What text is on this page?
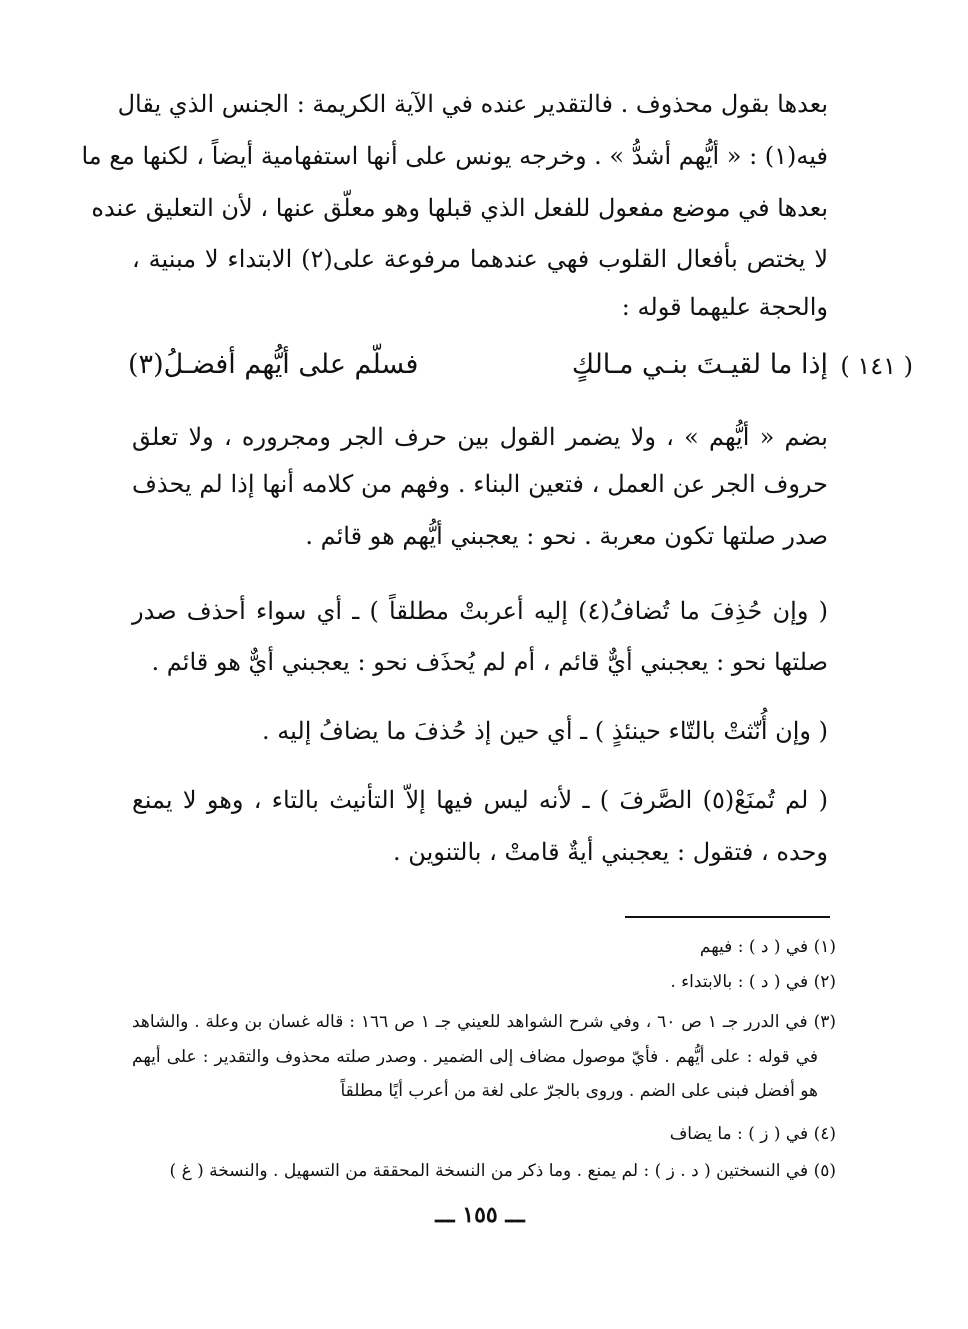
بعدها بقول محذوف . فالتقدير عنده في الآية الكريمة : الجنس الذي يقال
فيه(١) : « أيُّهم أشدُّ » . وخرجه يونس على أنها استفهامية أيضاً ، لكنها مع ما
بعدها في موضع مفعول للفعل الذي قبلها وهو معلّق عنها ، لأن التعليق عنده
لا يختص بأفعال القلوب فهي عندهما مرفوعة على(٢) الابتداء لا مبنية ،
والحجة عليهما قوله :
( ١٤١ )
إذا ما لقيـتَ بنـي مـالكٍ
فسلّم على أيُّهم أفضـلُ(٣)
بضم « أيُّهم » ، ولا يضمر القول بين حرف الجر ومجروره ، ولا تعلق
حروف الجر عن العمل ، فتعين البناء . وفهم من كلامه أنها إذا لم يحذف
صدر صلتها تكون معربة . نحو : يعجبني أيُّهم هو قائم .
( وإن حُذِفَ ما تُضافُ(٤) إليه أعربتْ مطلقاً ) ـ أي سواء أحذف صدر
صلتها نحو : يعجبني أيٌّ قائم ، أم لم يُحذَف نحو : يعجبني أيٌّ هو قائم .
( وإن أُنّثتْ بالتّاء حينئذٍ ) ـ أي حين إذ حُذفَ ما يضافُ إليه .
( لم تُمنَعْ(٥) الصَّرفَ ) ـ لأنه ليس فيها إلاّ التأنيث بالتاء ، وهو لا يمنع
وحده ، فتقول : يعجبني أيةٌ قامتْ ، بالتنوين .
(١) في ( د ) : فيهم
(٢) في ( د ) : بالابتداء .
(٣) في الدرر جـ ١ ص ٦٠ ، وفي شرح الشواهد للعيني جـ ١ ص ١٦٦ : قاله غسان بن وعلة . والشاهد
في قوله : على أيُّهم . فأيّ موصول مضاف إلى الضمير . وصدر صلته محذوف والتقدير : على أيهم
هو أفضل فبنى على الضم . وروى بالجرّ على لغة من أعرب أيًا مطلقاً
(٤) في ( ز ) : ما يضاف
(٥) في النسختين ( د . ز ) : لم يمنع . وما ذكر من النسخة المحققة من التسهيل . والنسخة ( غ )
ـــ ١٥٥ ـــ
